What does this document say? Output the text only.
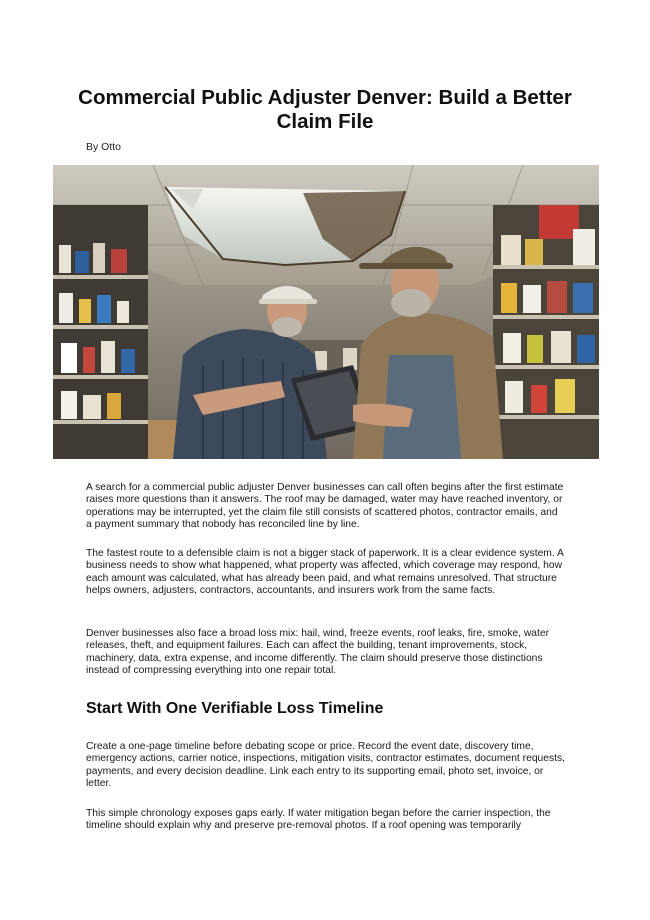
Commercial Public Adjuster Denver: Build a Better Claim File
By Otto

A search for a commercial public adjuster Denver businesses can call often begins after the first estimate raises more questions than it answers. The roof may be damaged, water may have reached inventory, or operations may be interrupted, yet the claim file still consists of scattered photos, contractor emails, and a payment summary that nobody has reconciled line by line.

The fastest route to a defensible claim is not a bigger stack of paperwork. It is a clear evidence system. A business needs to show what happened, what property was affected, which coverage may respond, how each amount was calculated, what has already been paid, and what remains unresolved. That structure helps owners, adjusters, contractors, accountants, and insurers work from the same facts.

Denver businesses also face a broad loss mix: hail, wind, freeze events, roof leaks, fire, smoke, water releases, theft, and equipment failures. Each can affect the building, tenant improvements, stock, machinery, data, extra expense, and income differently. The claim should preserve those distinctions instead of compressing everything into one repair total.

Start With One Verifiable Loss Timeline

Create a one-page timeline before debating scope or price. Record the event date, discovery time, emergency actions, carrier notice, inspections, mitigation visits, contractor estimates, document requests, payments, and every decision deadline. Link each entry to its supporting email, photo set, invoice, or letter.

This simple chronology exposes gaps early. If water mitigation began before the carrier inspection, the timeline should explain why and preserve pre-removal photos. If a roof opening was temporarily
